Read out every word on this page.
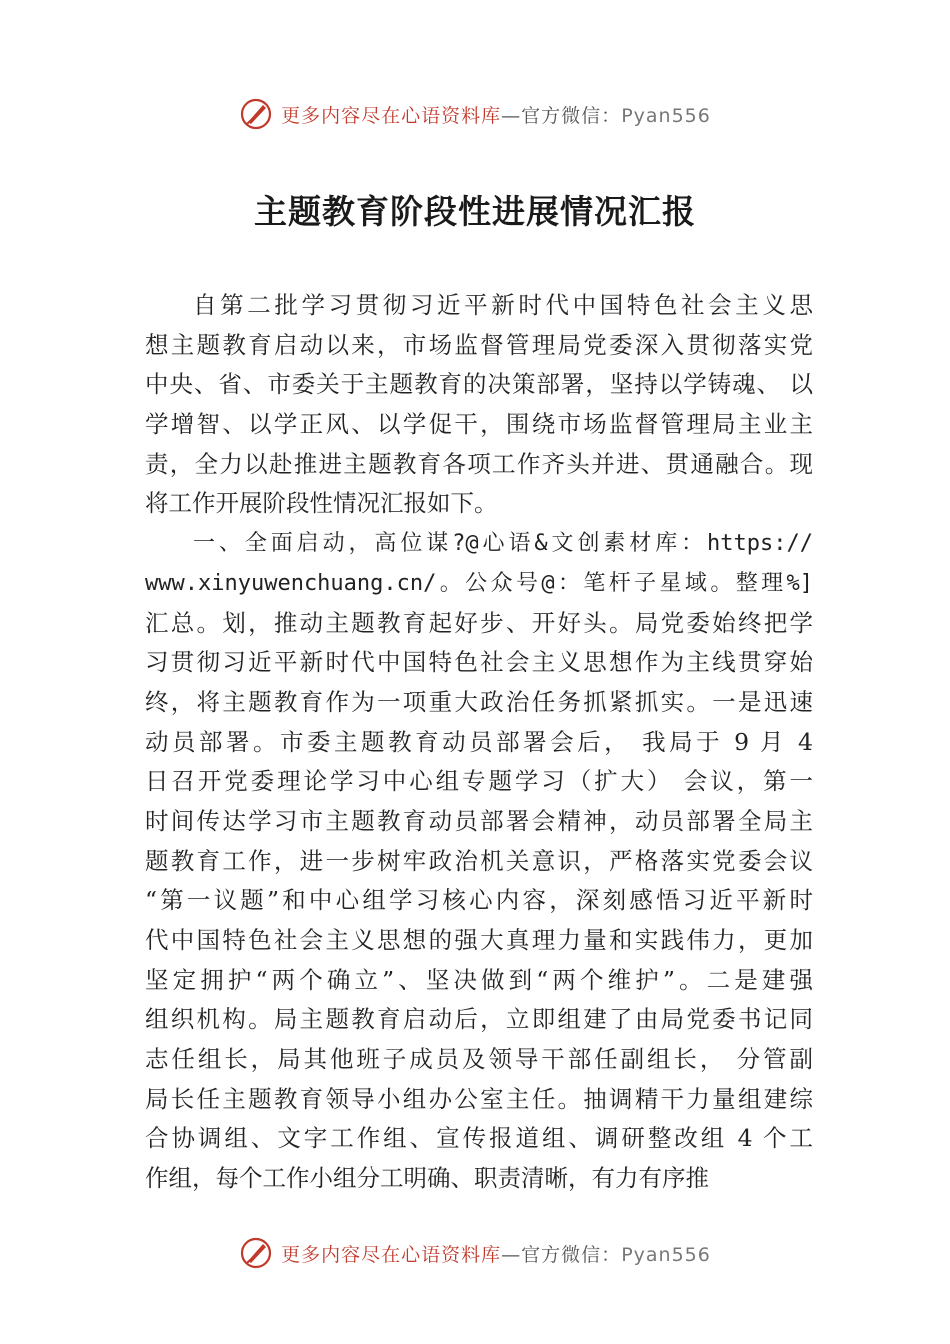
更多内容尽在心语资料库—官方微信：Pyan556
主题教育阶段性进展情况汇报
自第二批学习贯彻习近平新时代中国特色社会主义思
想主题教育启动以来，市场监督管理局党委深入贯彻落实党
中央、省、市委关于主题教育的决策部署，坚持以学铸魂、 以
学增智、以学正风、以学促干，围绕市场监督管理局主业主
责，全力以赴推进主题教育各项工作齐头并进、贯通融合。现
将工作开展阶段性情况汇报如下。
一、全面启动，高位谋?@心语&文创素材库：https://
www.xinyuwenchuang.cn/。公众号@：笔杆子星域。整理%]
汇总。划，推动主题教育起好步、开好头。局党委始终把学
习贯彻习近平新时代中国特色社会主义思想作为主线贯穿始
终，将主题教育作为一项重大政治任务抓紧抓实。一是迅速
动员部署。市委主题教育动员部署会后， 我局于 9 月 4
日召开党委理论学习中心组专题学习（扩大） 会议，第一
时间传达学习市主题教育动员部署会精神，动员部署全局主
题教育工作，进一步树牢政治机关意识，严格落实党委会议
“第一议题”和中心组学习核心内容，深刻感悟习近平新时
代中国特色社会主义思想的强大真理力量和实践伟力，更加
坚定拥护“两个确立”、坚决做到“两个维护”。二是建强
组织机构。局主题教育启动后，立即组建了由局党委书记同
志任组长，局其他班子成员及领导干部任副组长， 分管副
局长任主题教育领导小组办公室主任。抽调精干力量组建综
合协调组、文字工作组、宣传报道组、调研整改组 4 个工
作组，每个工作小组分工明确、职责清晰，有力有序推
更多内容尽在心语资料库—官方微信：Pyan556
